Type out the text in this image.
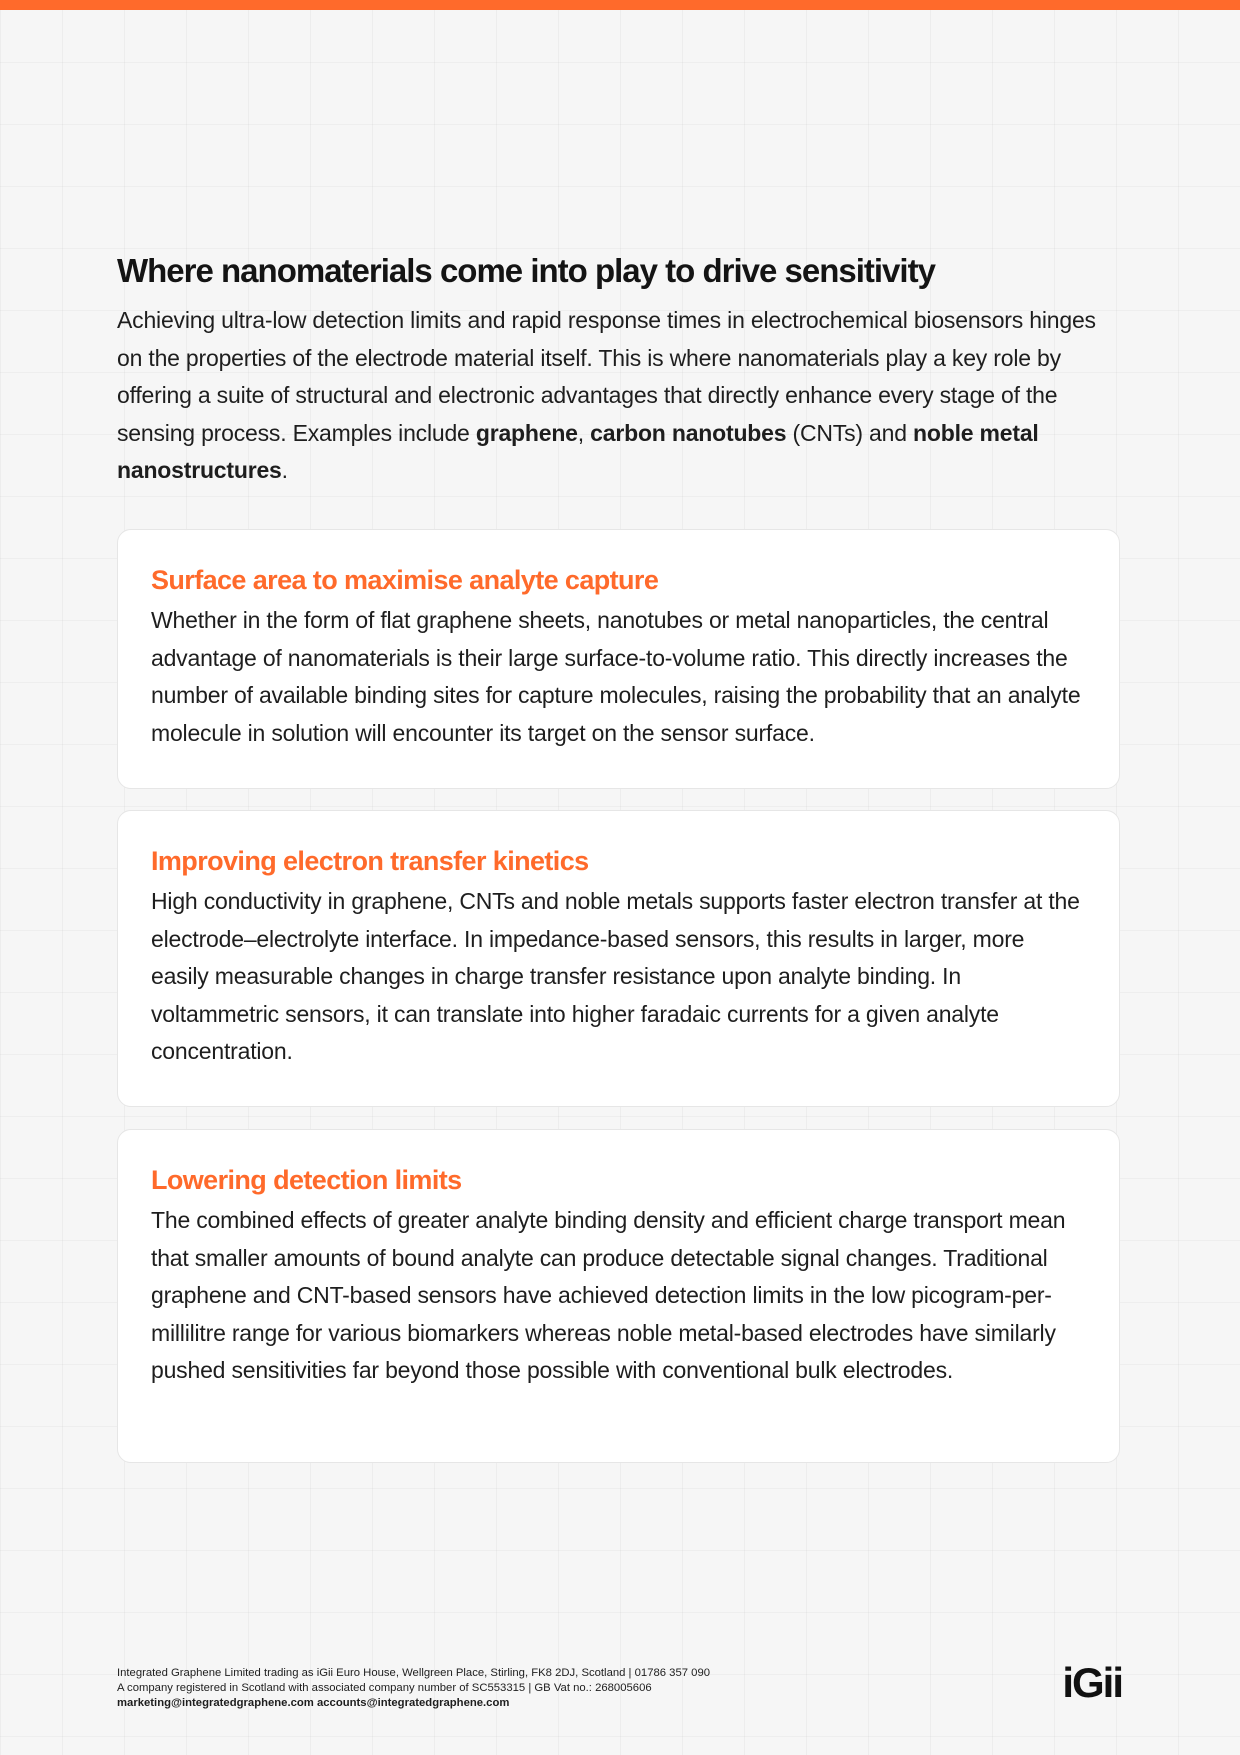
Where nanomaterials come into play to drive sensitivity

Achieving ultra-low detection limits and rapid response times in electrochemical biosensors hinges on the properties of the electrode material itself. This is where nanomaterials play a key role by offering a suite of structural and electronic advantages that directly enhance every stage of the sensing process. Examples include graphene, carbon nanotubes (CNTs) and noble metal nanostructures.

Surface area to maximise analyte capture

Whether in the form of flat graphene sheets, nanotubes or metal nanoparticles, the central advantage of nanomaterials is their large surface-to-volume ratio. This directly increases the number of available binding sites for capture molecules, raising the probability that an analyte molecule in solution will encounter its target on the sensor surface.

Improving electron transfer kinetics

High conductivity in graphene, CNTs and noble metals supports faster electron transfer at the electrode–electrolyte interface. In impedance-based sensors, this results in larger, more easily measurable changes in charge transfer resistance upon analyte binding. In voltammetric sensors, it can translate into higher faradaic currents for a given analyte concentration.

Lowering detection limits

The combined effects of greater analyte binding density and efficient charge transport mean that smaller amounts of bound analyte can produce detectable signal changes. Traditional graphene and CNT-based sensors have achieved detection limits in the low picogram-per-millilitre range for various biomarkers whereas noble metal-based electrodes have similarly pushed sensitivities far beyond those possible with conventional bulk electrodes.

Integrated Graphene Limited trading as iGii Euro House, Wellgreen Place, Stirling, FK8 2DJ, Scotland | 01786 357 090
A company registered in Scotland with associated company number of SC553315 | GB Vat no.: 268005606
marketing@integratedgraphene.com accounts@integratedgraphene.com	iGii
